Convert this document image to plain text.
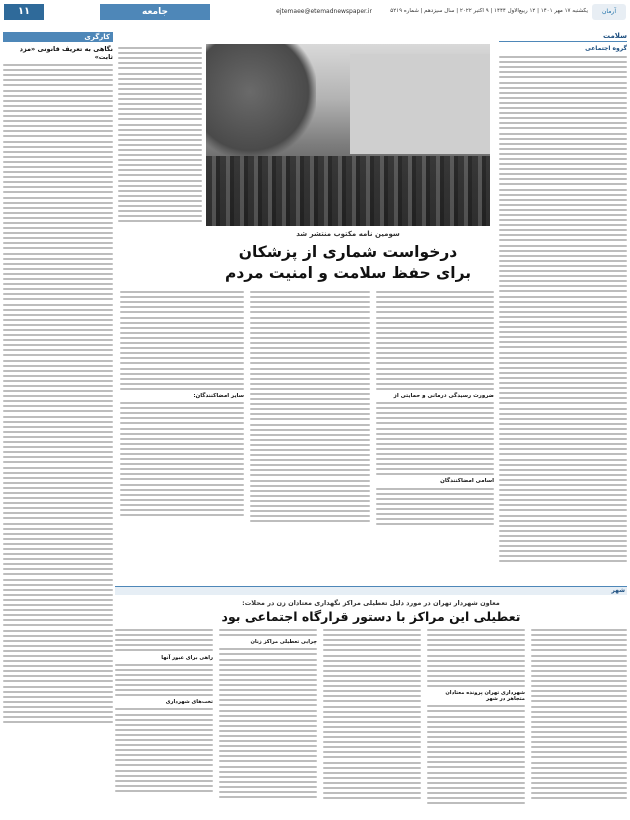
آرمان
یکشنبه ۱۷ مهر ۱۴۰۱ | ۱۲ ربیع‌الاول ۱۴۴۴ | ۹ اکتبر ۲۰۲۲ | سال سیزدهم | شماره ۵۲۱۹
ejtemaee@etemadnewspaper.ir
جامعه
۱۱
سلامت
گروه اجتماعی
سومین نامه مکتوب منتشر شد
درخواست شماری از پزشکان
برای حفظ سلامت و امنیت مردم
ضرورت رسیدگی درمانی و حمایتی از
اسامی امضاکنندگان
سایر امضاکنندگان:
کارگری
نگاهی به تعریف قانونی «مزد ثابت»
شهر
معاون شهردار تهران در مورد دلیل تعطیلی مراکز نگهداری معتادان زن در محلات:
تعطیلی این مراکز با دستور قرارگاه اجتماعی بود
شهرداری تهران پرونده معتادان متجاهر در شهر
چرایی تعطیلی مراکز زنان
راهی برای عبور آنها
تخت‌های شهرداری
